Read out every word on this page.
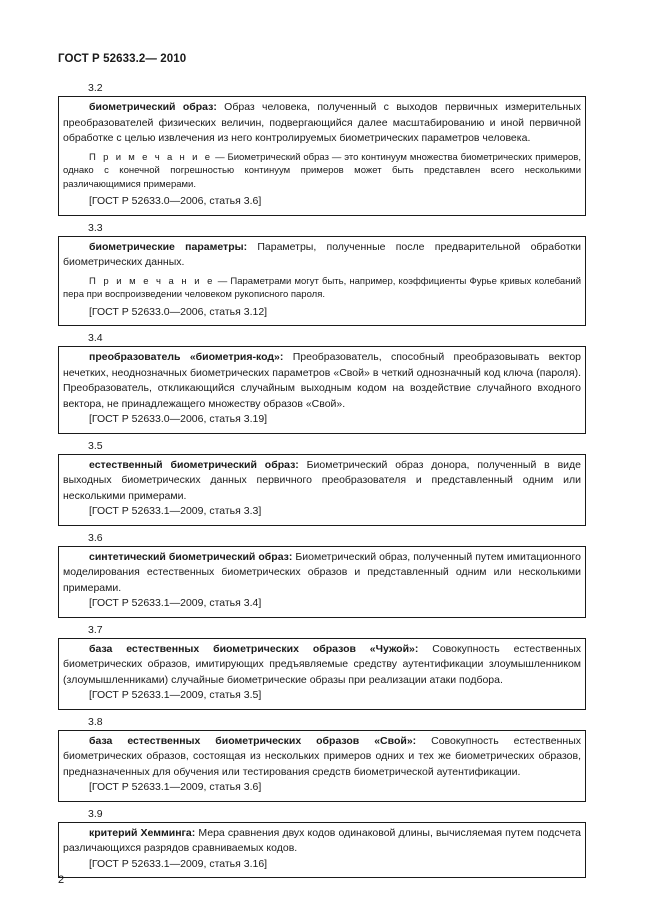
ГОСТ Р 52633.2— 2010
3.2
биометрический образ: Образ человека, полученный с выходов первичных измерительных преобразователей физических величин, подвергающийся далее масштабированию и иной первичной обработке с целью извлечения из него контролируемых биометрических параметров человека.
П р и м е ч а н и е — Биометрический образ — это континуум множества биометрических примеров, однако с конечной погрешностью континуум примеров может быть представлен всего несколькими различающимися примерами.
[ГОСТ Р 52633.0—2006, статья 3.6]
3.3
биометрические параметры: Параметры, полученные после предварительной обработки биометрических данных.
П р и м е ч а н и е — Параметрами могут быть, например, коэффициенты Фурье кривых колебаний пера при воспроизведении человеком рукописного пароля.
[ГОСТ Р 52633.0—2006, статья 3.12]
3.4
преобразователь «биометрия-код»: Преобразователь, способный преобразовывать вектор нечетких, неоднозначных биометрических параметров «Свой» в четкий однозначный код ключа (пароля). Преобразователь, откликающийся случайным выходным кодом на воздействие случайного входного вектора, не принадлежащего множеству образов «Свой».
[ГОСТ Р 52633.0—2006, статья 3.19]
3.5
естественный биометрический образ: Биометрический образ донора, полученный в виде выходных биометрических данных первичного преобразователя и представленный одним или несколькими примерами.
[ГОСТ Р 52633.1—2009, статья 3.3]
3.6
синтетический биометрический образ: Биометрический образ, полученный путем имитационного моделирования естественных биометрических образов и представленный одним или несколькими примерами.
[ГОСТ Р 52633.1—2009, статья 3.4]
3.7
база естественных биометрических образов «Чужой»: Совокупность естественных биометрических образов, имитирующих предъявляемые средству аутентификации злоумышленником (злоумышленниками) случайные биометрические образы при реализации атаки подбора.
[ГОСТ Р 52633.1—2009, статья 3.5]
3.8
база естественных биометрических образов «Свой»: Совокупность естественных биометрических образов, состоящая из нескольких примеров одних и тех же биометрических образов, предназначенных для обучения или тестирования средств биометрической аутентификации.
[ГОСТ Р 52633.1—2009, статья 3.6]
3.9
критерий Хемминга: Мера сравнения двух кодов одинаковой длины, вычисляемая путем подсчета различающихся разрядов сравниваемых кодов.
[ГОСТ Р 52633.1—2009, статья 3.16]
2
